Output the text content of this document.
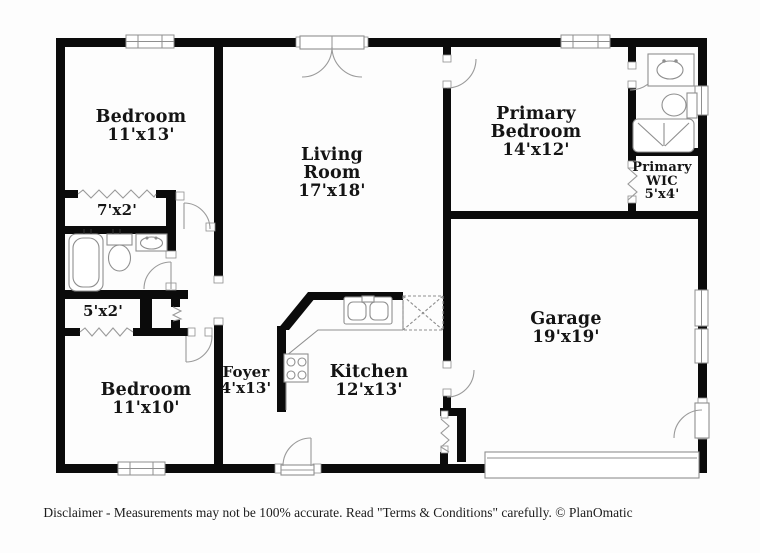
Bedroom
11'x13'
Living
Room
17'x18'
Primary
Bedroom
14'x12'
Primary
WIC
5'x4'
7'x2'
5'x2'
Bedroom
11'x10'
Foyer
4'x13'
Kitchen
12'x13'
Garage
19'x19'
Disclaimer - Measurements may not be 100% accurate. Read "Terms & Conditions" carefully. © PlanOmatic
